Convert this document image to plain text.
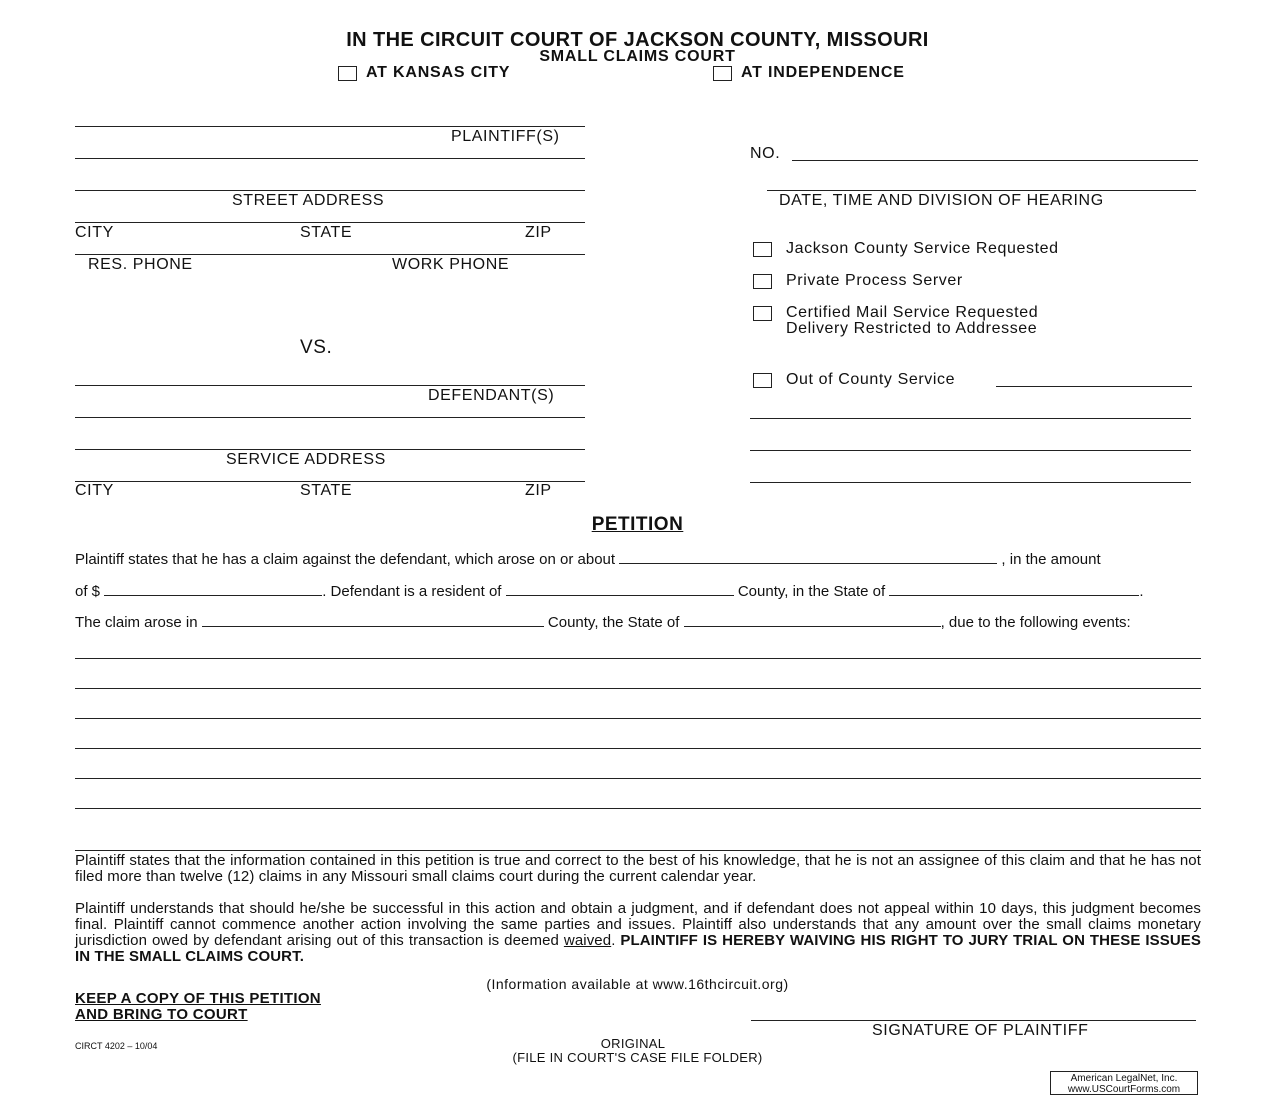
IN THE CIRCUIT COURT OF JACKSON COUNTY, MISSOURI
SMALL CLAIMS COURT
AT KANSAS CITY	AT INDEPENDENCE
PLAINTIFF(S)
STREET ADDRESS
CITY	STATE	ZIP
RES. PHONE	WORK PHONE
VS.
DEFENDANT(S)
SERVICE ADDRESS
CITY	STATE	ZIP
NO.
DATE, TIME AND DIVISION OF HEARING
Jackson County Service Requested
Private Process Server
Certified Mail Service Requested
Delivery Restricted to Addressee
Out of County Service
PETITION
Plaintiff states that he has a claim against the defendant, which arose on or about	, in the amount
of $	. Defendant is a resident of	County, in the State of	.
The claim arose in	County, the State of	, due to the following events:
Plaintiff states that the information contained in this petition is true and correct to the best of his knowledge, that he is not an assignee of this claim and that he has not filed more than twelve (12) claims in any Missouri small claims court during the current calendar year.
Plaintiff understands that should he/she be successful in this action and obtain a judgment, and if defendant does not appeal within 10 days, this judgment becomes final. Plaintiff cannot commence another action involving the same parties and issues. Plaintiff also understands that any amount over the small claims monetary jurisdiction owed by defendant arising out of this transaction is deemed waived. PLAINTIFF IS HEREBY WAIVING HIS RIGHT TO JURY TRIAL ON THESE ISSUES IN THE SMALL CLAIMS COURT.
(Information available at www.16thcircuit.org)
KEEP A COPY OF THIS PETITION
AND BRING TO COURT
SIGNATURE OF PLAINTIFF
CIRCT 4202 – 10/04	ORIGINAL
(FILE IN COURT'S CASE FILE FOLDER)
American LegalNet, Inc.
www.USCourtForms.com
